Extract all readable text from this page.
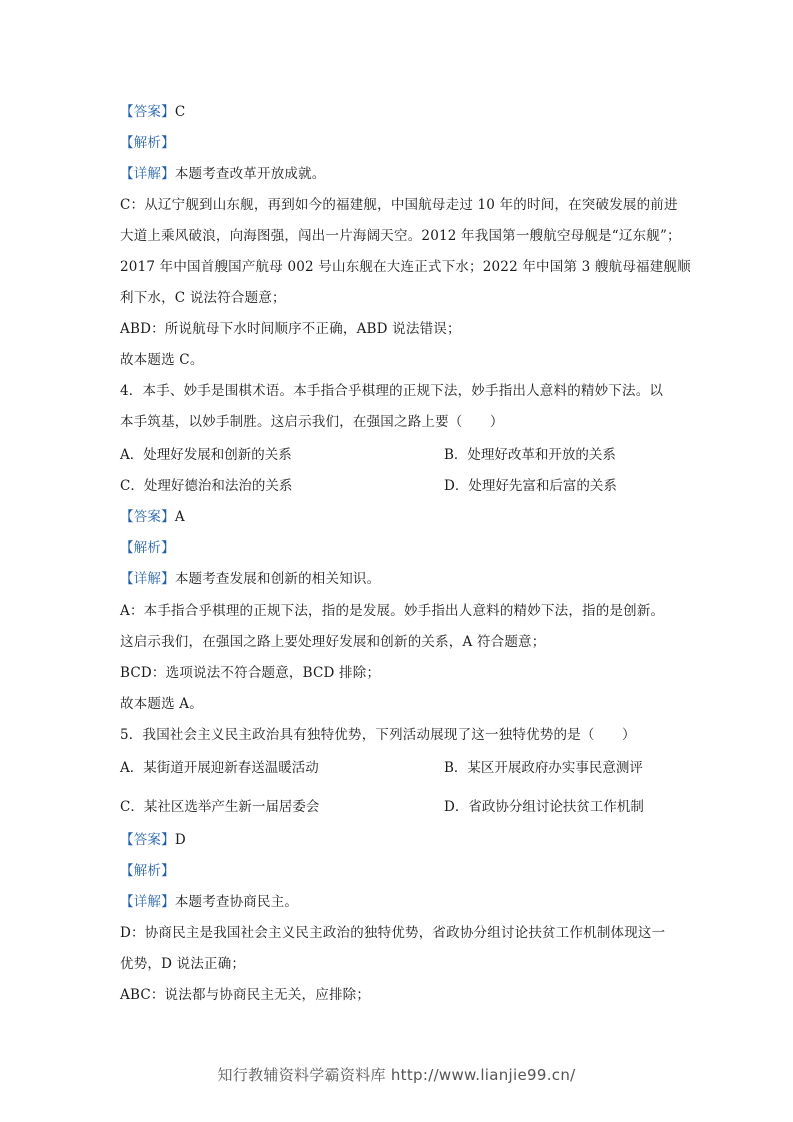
【答案】C
【解析】
【详解】本题考查改革开放成就。
C：从辽宁舰到山东舰，再到如今的福建舰，中国航母走过 10 年的时间，在突破发展的前进
大道上乘风破浪，向海图强，闯出一片海阔天空。2012 年我国第一艘航空母舰是“辽东舰”；
2017 年中国首艘国产航母 002 号山东舰在大连正式下水；2022 年中国第 3 艘航母福建舰顺
利下水，C 说法符合题意；
ABD：所说航母下水时间顺序不正确，ABD 说法错误；
故本题选 C。
4．本手、妙手是围棋术语。本手指合乎棋理的正规下法，妙手指出人意料的精妙下法。以
本手筑基，以妙手制胜。这启示我们，在强国之路上要（　　）
A．处理好发展和创新的关系	B．处理好改革和开放的关系
C．处理好德治和法治的关系	D．处理好先富和后富的关系
【答案】A
【解析】
【详解】本题考查发展和创新的相关知识。
A：本手指合乎棋理的正规下法，指的是发展。妙手指出人意料的精妙下法，指的是创新。
这启示我们，在强国之路上要处理好发展和创新的关系，A 符合题意；
BCD：选项说法不符合题意，BCD 排除；
故本题选 A。
5．我国社会主义民主政治具有独特优势，下列活动展现了这一独特优势的是（　　）
A．某街道开展迎新春送温暖活动	B．某区开展政府办实事民意测评
C．某社区选举产生新一届居委会	D．省政协分组讨论扶贫工作机制
【答案】D
【解析】
【详解】本题考查协商民主。
D：协商民主是我国社会主义民主政治的独特优势，省政协分组讨论扶贫工作机制体现这一
优势，D 说法正确；
ABC：说法都与协商民主无关，应排除；
知行教辅资料学霸资料库 http://www.lianjie99.cn/
